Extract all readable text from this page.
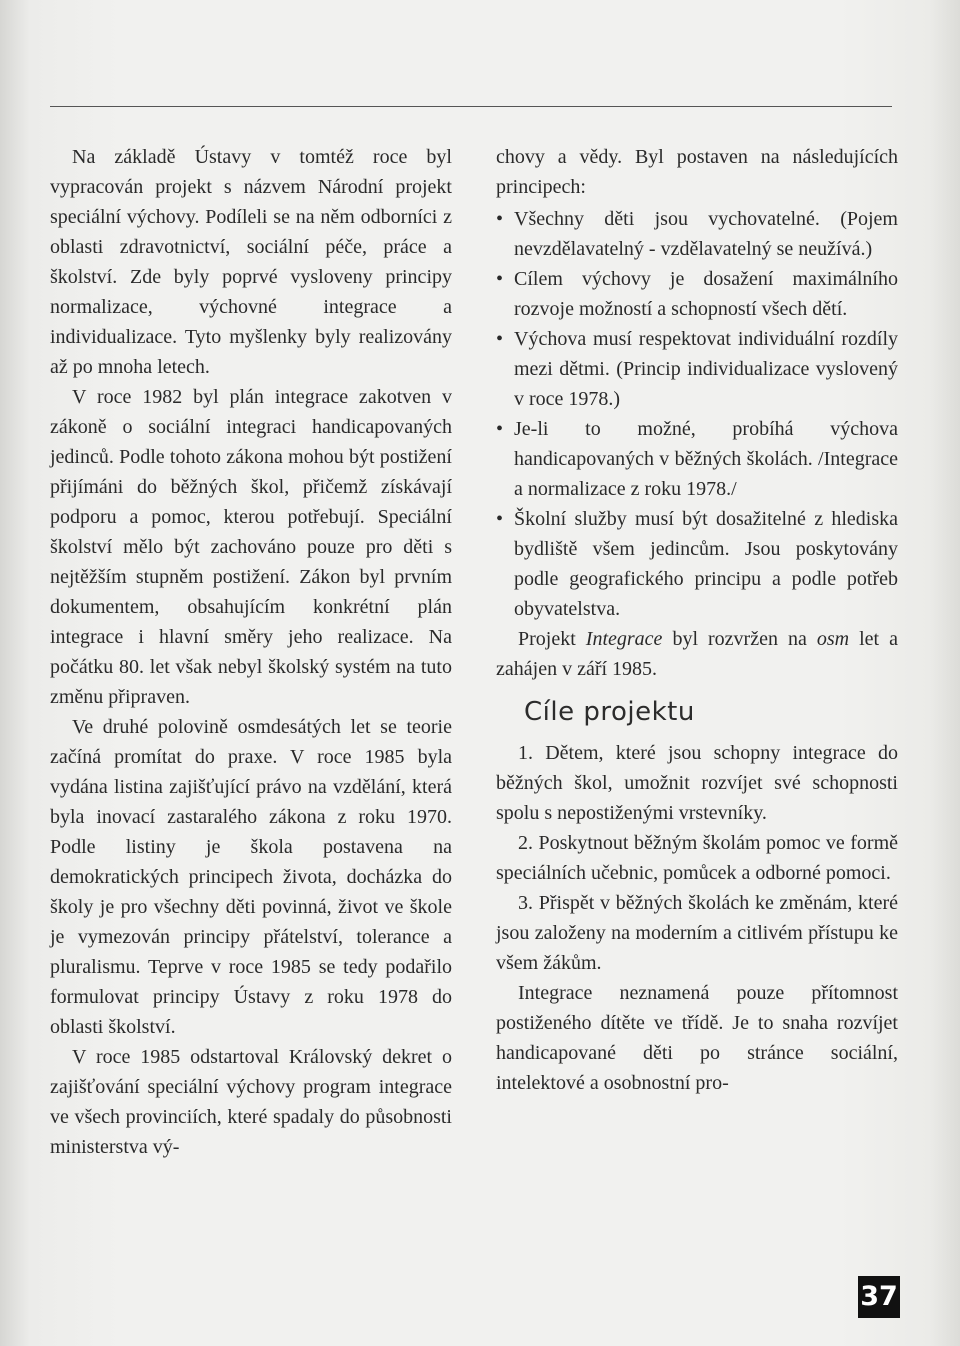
Na základě Ústavy v tomtéž roce byl vypracován projekt s názvem Národní projekt speciální výchovy. Podíleli se na něm odborníci z oblasti zdravotnictví, sociální péče, práce a školství. Zde byly poprvé vysloveny principy normalizace, výchovné integrace a individualizace. Tyto myšlenky byly realizovány až po mnoha letech.

V roce 1982 byl plán integrace zakotven v zákoně o sociální integraci handicapovaných jedinců. Podle tohoto zákona mohou být postižení přijímáni do běžných škol, přičemž získávají podporu a pomoc, kterou potřebují. Speciální školství mělo být zachováno pouze pro děti s nejtěžším stupněm postižení. Zákon byl prvním dokumentem, obsahujícím konkrétní plán integrace i hlavní směry jeho realizace. Na počátku 80. let však nebyl školský systém na tuto změnu připraven.

Ve druhé polovině osmdesátých let se teorie začíná promítat do praxe. V roce 1985 byla vydána listina zajišťující právo na vzdělání, která byla inovací zastaralého zákona z roku 1970. Podle listiny je škola postavena na demokratických principech života, docházka do školy je pro všechny děti povinná, život ve škole je vymezován principy přátelství, tolerance a pluralismu. Teprve v roce 1985 se tedy podařilo formulovat principy Ústavy z roku 1978 do oblasti školství.

V roce 1985 odstartoval Královský dekret o zajišťování speciální výchovy program integrace ve všech provinciích, které spadaly do působnosti ministerstva vý-

chovy a vědy. Byl postaven na následujících principech:

• Všechny děti jsou vychovatelné. (Pojem nevzdělavatelný - vzdělavatelný se neužívá.)
• Cílem výchovy je dosažení maximálního rozvoje možností a schopností všech dětí.
• Výchova musí respektovat individuální rozdíly mezi dětmi. (Princip individualizace vyslovený v roce 1978.)
• Je-li to možné, probíhá výchova handicapovaných v běžných školách. /Integrace a normalizace z roku 1978./
• Školní služby musí být dosažitelné z hlediska bydliště všem jedincům. Jsou poskytovány podle geografického principu a podle potřeb obyvatelstva.

Projekt Integrace byl rozvržen na osm let a zahájen v září 1985.

Cíle projektu

1. Dětem, které jsou schopny integrace do běžných škol, umožnit rozvíjet své schopnosti spolu s nepostiženými vrstevníky.

2. Poskytnout běžným školám pomoc ve formě speciálních učebnic, pomůcek a odborné pomoci.

3. Přispět v běžných školách ke změnám, které jsou založeny na moderním a citlivém přístupu ke všem žákům.

Integrace neznamená pouze přítomnost postiženého dítěte ve třídě. Je to snaha rozvíjet handicapované děti po stránce sociální, intelektové a osobnostní pro-

37
